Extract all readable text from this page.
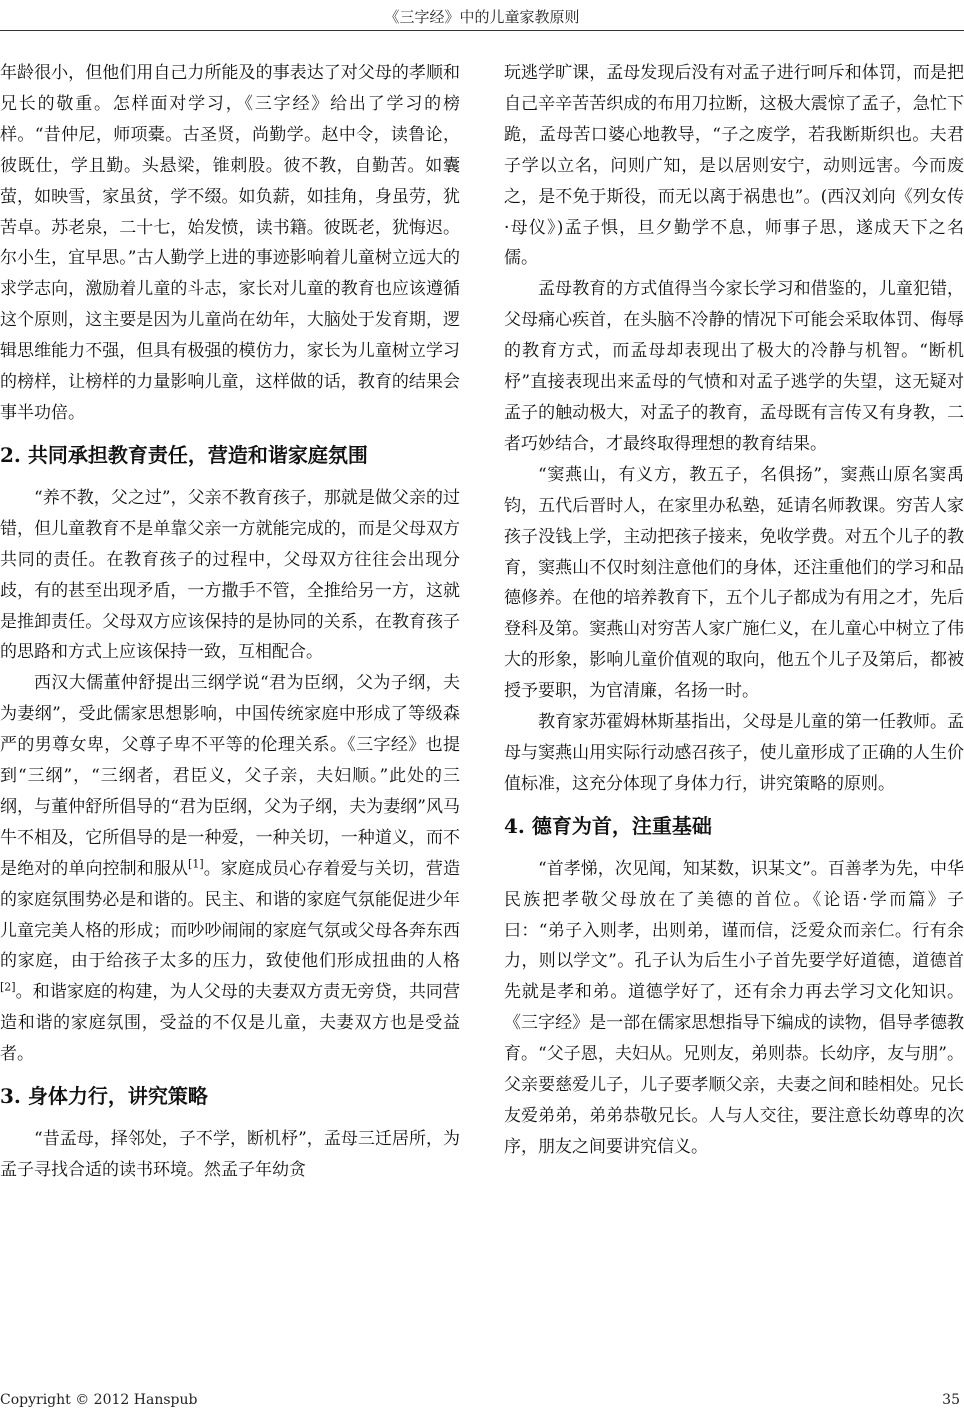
《三字经》中的儿童家教原则

年龄很小，但他们用自己力所能及的事表达了对父母的孝顺和兄长的敬重。怎样面对学习，《三字经》给出了学习的榜样。“昔仲尼，师项橐。古圣贤，尚勤学。赵中令，读鲁论，彼既仕，学且勤。头悬梁，锥刺股。彼不教，自勤苦。如囊萤，如映雪，家虽贫，学不缀。如负薪，如挂角，身虽劳，犹苦卓。苏老泉，二十七，始发愤，读书籍。彼既老，犹悔迟。尔小生，宜早思。”古人勤学上进的事迹影响着儿童树立远大的求学志向，激励着儿童的斗志，家长对儿童的教育也应该遵循这个原则，这主要是因为儿童尚在幼年，大脑处于发育期，逻辑思维能力不强，但具有极强的模仿力，家长为儿童树立学习的榜样，让榜样的力量影响儿童，这样做的话，教育的结果会事半功倍。

2. 共同承担教育责任，营造和谐家庭氛围

“养不教，父之过”，父亲不教育孩子，那就是做父亲的过错，但儿童教育不是单靠父亲一方就能完成的，而是父母双方共同的责任。在教育孩子的过程中，父母双方往往会出现分歧，有的甚至出现矛盾，一方撒手不管，全推给另一方，这就是推卸责任。父母双方应该保持的是协同的关系，在教育孩子的思路和方式上应该保持一致，互相配合。

西汉大儒董仲舒提出三纲学说“君为臣纲，父为子纲，夫为妻纲”，受此儒家思想影响，中国传统家庭中形成了等级森严的男尊女卑，父尊子卑不平等的伦理关系。《三字经》也提到“三纲”，“三纲者，君臣义，父子亲，夫妇顺。”此处的三纲，与董仲舒所倡导的“君为臣纲，父为子纲，夫为妻纲”风马牛不相及，它所倡导的是一种爱，一种关切，一种道义，而不是绝对的单向控制和服从[1]。家庭成员心存着爱与关切，营造的家庭氛围势必是和谐的。民主、和谐的家庭气氛能促进少年儿童完美人格的形成；而吵吵闹闹的家庭气氛或父母各奔东西的家庭，由于给孩子太多的压力，致使他们形成扭曲的人格[2]。和谐家庭的构建，为人父母的夫妻双方责无旁贷，共同营造和谐的家庭氛围，受益的不仅是儿童，夫妻双方也是受益者。

3. 身体力行，讲究策略

“昔孟母，择邻处，子不学，断机杼”，孟母三迁居所，为孟子寻找合适的读书环境。然孟子年幼贪

玩逃学旷课，孟母发现后没有对孟子进行呵斥和体罚，而是把自己辛辛苦苦织成的布用刀拉断，这极大震惊了孟子，急忙下跪，孟母苦口婆心地教导，“子之废学，若我断斯织也。夫君子学以立名，问则广知，是以居则安宁，动则远害。今而废之，是不免于斯役，而无以离于祸患也”。(西汉刘向《列女传·母仪》)孟子惧，旦夕勤学不息，师事子思，遂成天下之名儒。

孟母教育的方式值得当今家长学习和借鉴的，儿童犯错，父母痛心疾首，在头脑不冷静的情况下可能会采取体罚、侮辱的教育方式，而孟母却表现出了极大的冷静与机智。“断机杼”直接表现出来孟母的气愤和对孟子逃学的失望，这无疑对孟子的触动极大，对孟子的教育，孟母既有言传又有身教，二者巧妙结合，才最终取得理想的教育结果。

“窦燕山，有义方，教五子，名俱扬”，窦燕山原名窦禹钧，五代后晋时人，在家里办私塾，延请名师教课。穷苦人家孩子没钱上学，主动把孩子接来，免收学费。对五个儿子的教育，窦燕山不仅时刻注意他们的身体，还注重他们的学习和品德修养。在他的培养教育下，五个儿子都成为有用之才，先后登科及第。窦燕山对穷苦人家广施仁义，在儿童心中树立了伟大的形象，影响儿童价值观的取向，他五个儿子及第后，都被授予要职，为官清廉，名扬一时。

教育家苏霍姆林斯基指出，父母是儿童的第一任教师。孟母与窦燕山用实际行动感召孩子，使儿童形成了正确的人生价值标准，这充分体现了身体力行，讲究策略的原则。

4. 德育为首，注重基础

“首孝悌，次见闻，知某数，识某文”。百善孝为先，中华民族把孝敬父母放在了美德的首位。《论语·学而篇》子曰：“弟子入则孝，出则弟，谨而信，泛爱众而亲仁。行有余力，则以学文”。孔子认为后生小子首先要学好道德，道德首先就是孝和弟。道德学好了，还有余力再去学习文化知识。《三字经》是一部在儒家思想指导下编成的读物，倡导孝德教育。“父子恩，夫妇从。兄则友，弟则恭。长幼序，友与朋”。父亲要慈爱儿子，儿子要孝顺父亲，夫妻之间和睦相处。兄长友爱弟弟，弟弟恭敬兄长。人与人交往，要注意长幼尊卑的次序，朋友之间要讲究信义。

Copyright © 2012 Hanspub	35
